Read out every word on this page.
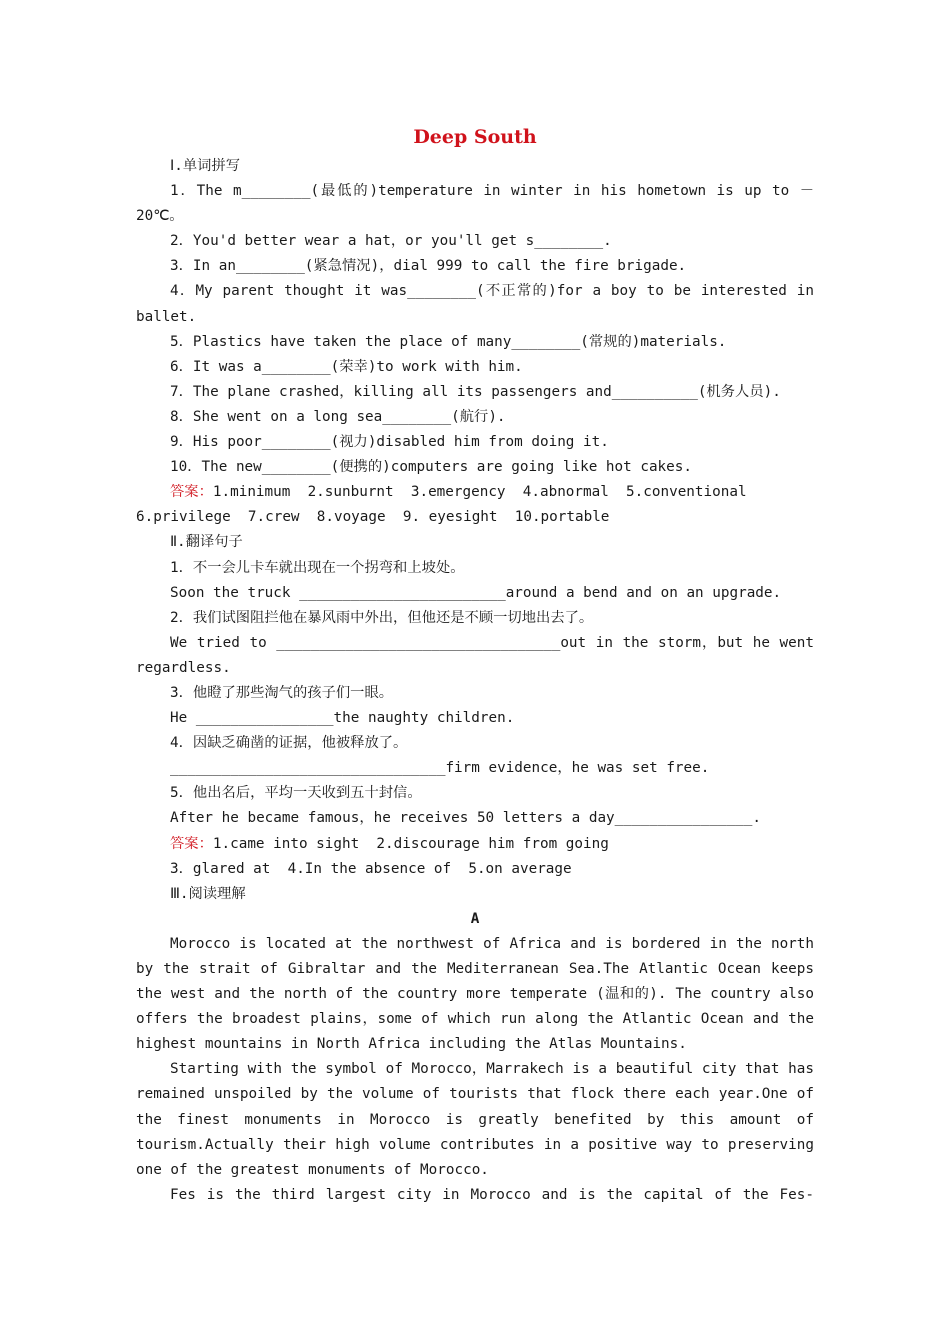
Deep South
Ⅰ.单词拼写
1．The m________(最低的)temperature in winter in his hometown is up to －
20℃。
2．You'd better wear a hat，or you'll get s________.
3．In an________(紧急情况)，dial 999 to call the fire brigade.
4．My parent thought it was________(不正常的)for a boy to be interested in
ballet.
5．Plastics have taken the place of many________(常规的)materials.
6．It was a________(荣幸)to work with him.
7．The plane crashed，killing all its passengers and__________(机务人员).
8．She went on a long sea________(航行).
9．His poor________(视力)disabled him from doing it.
10．The new________(便携的)computers are going like hot cakes.
答案：1.minimum  2.sunburnt  3.emergency  4.abnormal  5.conventional
6.privilege  7.crew  8.voyage  9. eyesight  10.portable
Ⅱ.翻译句子
1．不一会儿卡车就出现在一个拐弯和上坡处。
Soon the truck ________________________around a bend and on an upgrade.
2．我们试图阻拦他在暴风雨中外出，但他还是不顾一切地出去了。
We tried to _________________________________out in the storm，but he went
regardless.
3．他瞪了那些淘气的孩子们一眼。
He ________________the naughty children.
4．因缺乏确凿的证据，他被释放了。
________________________________firm evidence，he was set free.
5．他出名后，平均一天收到五十封信。
After he became famous，he receives 50 letters a day________________.
答案：1.came into sight  2.discourage him from going
3．glared at  4.In the absence of  5.on average
Ⅲ.阅读理解
A
Morocco is located at the northwest of Africa and is bordered in the north
by the strait of Gibraltar and the Mediterranean Sea.The Atlantic Ocean keeps
the west and the north of the country more temperate (温和的). The country also
offers the broadest plains，some of which run along the Atlantic Ocean and the
highest mountains in North Africa including the Atlas Mountains.
Starting with the symbol of Morocco，Marrakech is a beautiful city that has
remained unspoiled by the volume of tourists that flock there each year.One of
the finest monuments in Morocco is greatly benefited by this amount of
tourism.Actually their high volume contributes in a positive way to preserving
one of the greatest monuments of Morocco.
Fes is the third largest city in Morocco and is the capital of the Fes-
